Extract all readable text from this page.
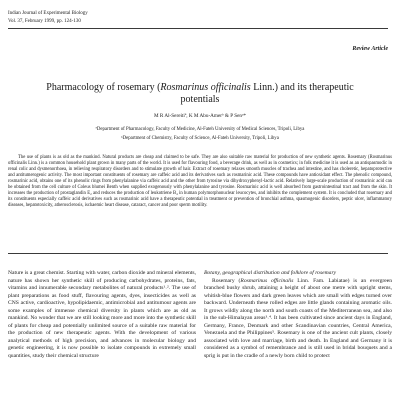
Indian Journal of Experimental Biology
Vol. 37, February 1999, pp. 124-130
Review Article
Pharmacology of rosemary (Rosmarinus officinalis Linn.) and its therapeutic potentials
M R Al-Sereitiª, K M Abu-Amerᵇ & P Senᵃ*
ªDepartment of Pharmacology, Faculty of Medicine, Al-Fateh University of Medical Sciences, Tripoli, Libya
ᵇDepartment of Chemistry, Faculty of Science, Al-Fateh University, Tripoli, Libya

The use of plants is as old as the mankind. Natural products are cheap and claimed to be safe. They are also suitable raw material for production of new synthetic agents. Rosemary (Rosmarinus officinalis Linn.) is a common household plant grown in many parts of the world. It is used for flavouring food, a beverage drink, as well as in cosmetics; in folk medicine it is used as an antispasmodic in renal colic and dysmenorrhoea, in relieving respiratory disorders and to stimulate growth of hair. Extract of rosemary relaxes smooth muscles of trachea and intestine, and has choleretic, hepatoprotective and antitumerogenic activity. The most important constituents of rosemary are caffeic acid and its derivatives such as rosmarinic acid. These compounds have antioxidant effect. The phenolic compound, rosmarinic acid, obtains one of its phenolic rings from phenylalanine via caffeic acid and the other from tyrosine via dihydroxyphenyl-lactic acid. Relatively large-scale production of rosmarinic acid can be obtained from the cell culture of Coleus blumei Benth when supplied exogenously with phenylalanine and tyrosine. Rosmarinic acid is well absorbed from gastrointestinal tract and from the skin. It increases the production of prostaglandin E₂ and reduces the production of leukotriene B₄ in human polymorphonuclear leucocytes, and inhibits the complement system. It is concluded that rosemary and its constituents especially caffeic acid derivatives such as rosmarinic acid have a therapeutic potential in treatment or prevention of bronchial asthma, spasmogenic disorders, peptic ulcer, inflammatory diseases, hepatotoxicity, atherosclerosis, ischaemic heart disease, cataract, cancer and poor sperm motility.

Nature is a great chemist. Starting with water, carbon dioxide and mineral elements, nature has shown her synthetic skill of producing carbohydrates, proteins, fats, vitamins and innumerable secondary metabolites of natural products¹˒². The use of plant preparations as food stuff, flavouring agents, dyes, insecticides as well as CNS active, cardioactive, hypolipidaemic, antimicrobial and antitumour agents are some examples of immense chemical diversity in plants which are as old as mankind. No wonder that we are still looking more and more into the synthetic skill of plants for cheap and potentially unlimited source of a suitable raw material for the production of new therapeutic agents. With the development of various analytical methods of high precision, and advances in molecular biology and genetic engineering, it is now possible to isolate compounds in extremely small quantities, study their chemical structure

Botany, geographical distribution and folklore of rosemary

Rosemary (Rosmarinus officinalis Linn. Fam. Labiatae) is an evergreen branched bushy shrub, attaining a height of about one metre with upright stems, whitish-blue flowers and dark green leaves which are small with edges turned over backward. Underneath these rolled edges are little glands containing aromatic oils. It grows wildly along the north and south coasts of the Mediterranean sea, and also in the sub-Himalayan areas³˒⁴. It has been cultivated since ancient days in England, Germany, France, Denmark and other Scandinavian countries, Central America, Venezuela and the Philippines⁵. Rosemary is one of the ancient cult plants, closely associated with love and marriage, birth and death. In England and Germany it is considered as a symbol of remembrance and is still used in bridal bouquets and a sprig is put in the cradle of a newly born child to protect
